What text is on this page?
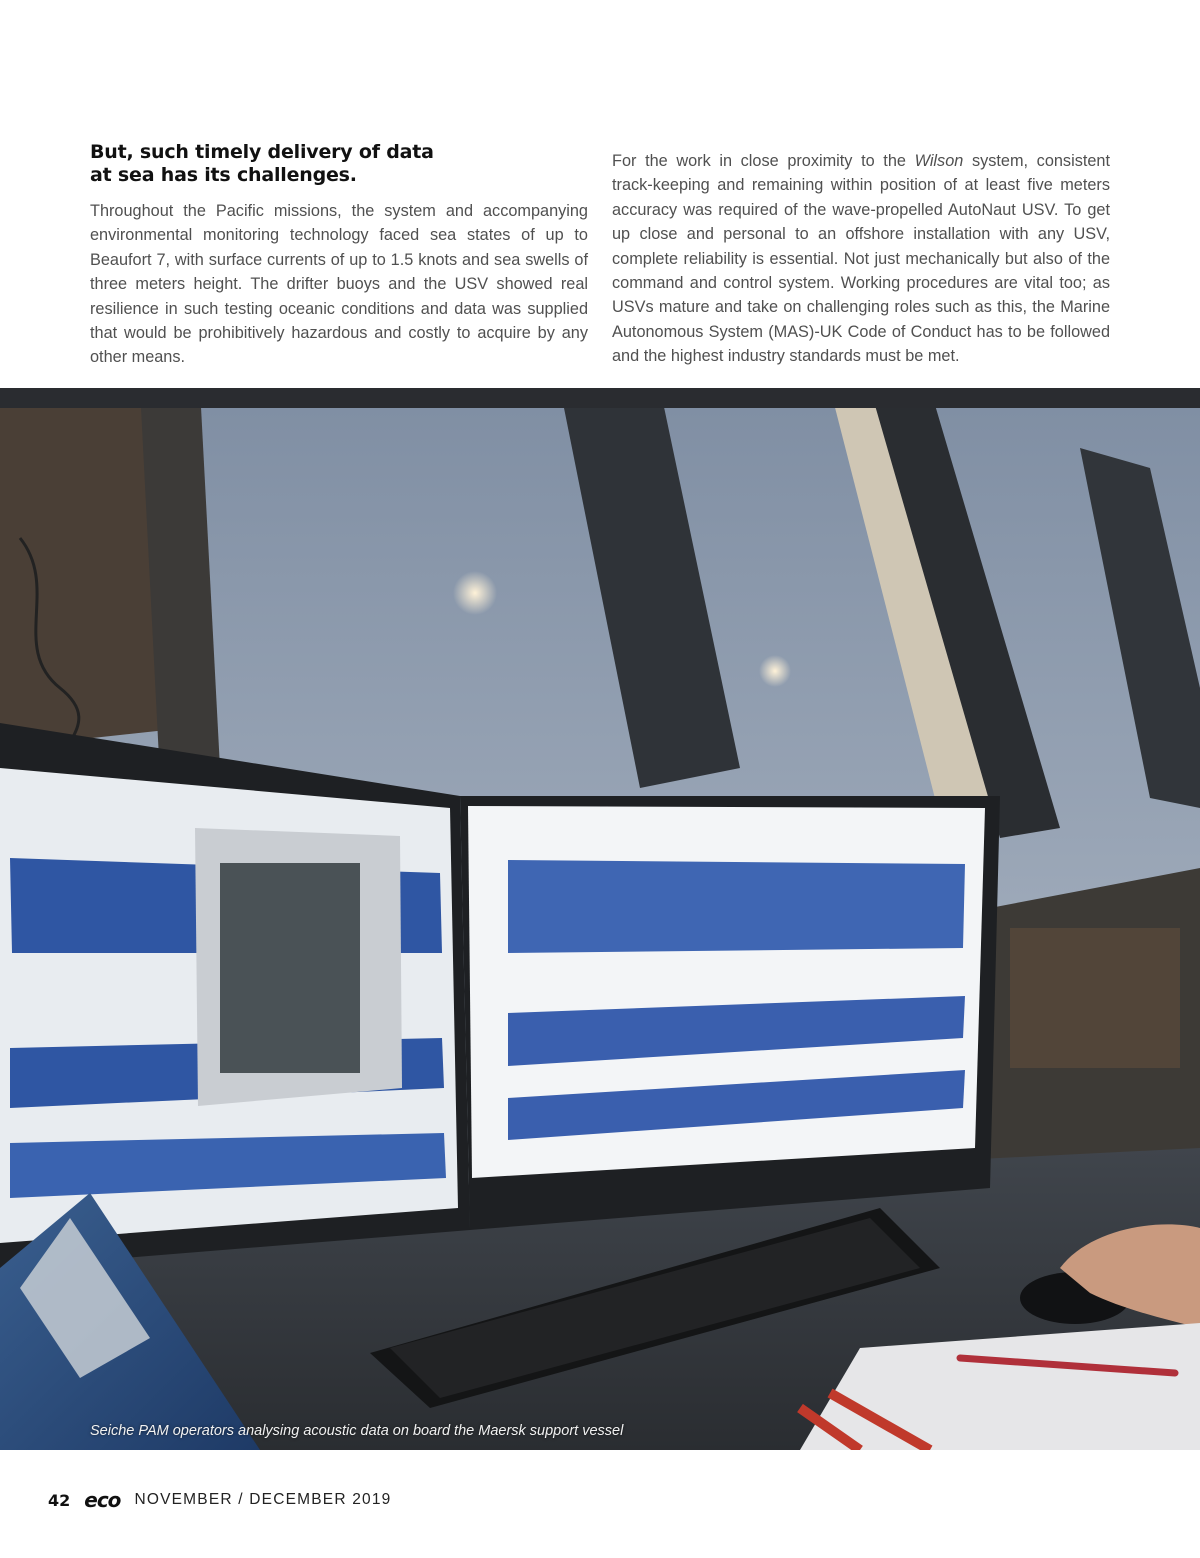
But, such timely delivery of data
at sea has its challenges.

Throughout the Pacific missions, the system and accompanying environmental monitoring technology faced sea states of up to Beaufort 7, with surface currents of up to 1.5 knots and sea swells of three meters height. The drifter buoys and the USV showed real resilience in such testing oceanic conditions and data was supplied that would be prohibitively hazardous and costly to acquire by any other means.

For the work in close proximity to the Wilson system, consistent track-keeping and remaining within position of at least five meters accuracy was required of the wave-propelled AutoNaut USV. To get up close and personal to an offshore installation with any USV, complete reliability is essential. Not just mechanically but also of the command and control system. Working procedures are vital too; as USVs mature and take on challenging roles such as this, the Marine Autonomous System (MAS)-UK Code of Conduct has to be followed and the highest industry standards must be met.

Seiche PAM operators analysing acoustic data on board the Maersk support vessel
42 eco NOVEMBER / DECEMBER 2019
